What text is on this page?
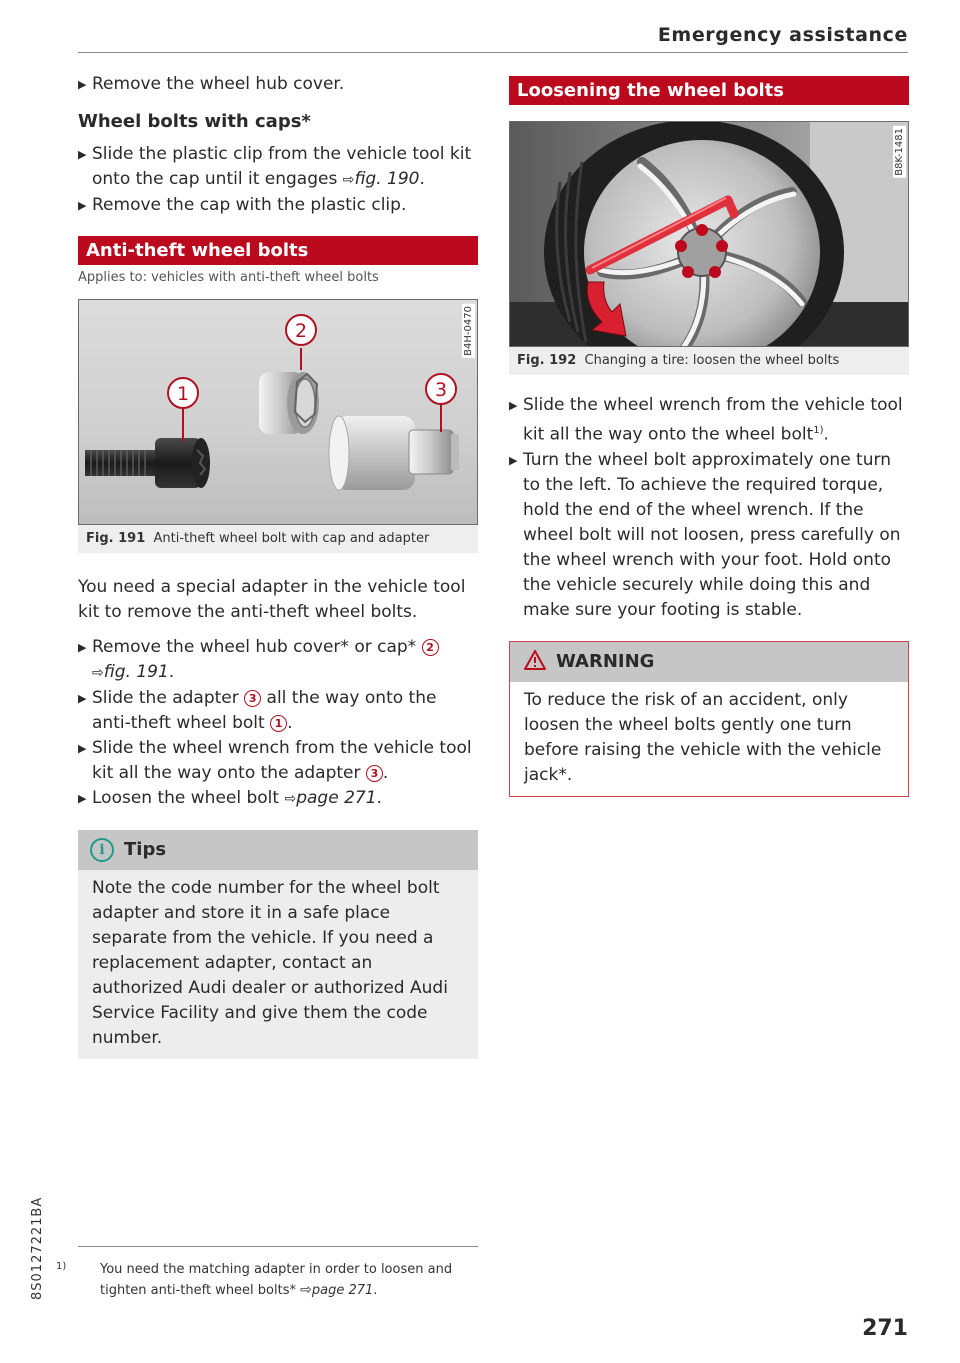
Emergency assistance

▶ Remove the wheel hub cover.

Wheel bolts with caps*

▶ Slide the plastic clip from the vehicle tool kit onto the cap until it engages ⇨fig. 190.

▶ Remove the cap with the plastic clip.

Anti-theft wheel bolts
Applies to: vehicles with anti-theft wheel bolts
1
2
3
B4H-0470
Fig. 191 Anti-theft wheel bolt with cap and adapter

You need a special adapter in the vehicle tool kit to remove the anti-theft wheel bolts.

▶ Remove the wheel hub cover* or cap* 2
⇨fig. 191.

▶ Slide the adapter 3 all the way onto the anti-theft wheel bolt 1 .

▶ Slide the wheel wrench from the vehicle tool kit all the way onto the adapter 3 .

▶ Loosen the wheel bolt ⇨page 271.

i Tips
Note the code number for the wheel bolt adapter and store it in a safe place separate from the vehicle. If you need a replacement adapter, contact an authorized Audi dealer or authorized Audi Service Facility and give them the code number.
Loosening the wheel bolts
B8K-1481
Fig. 192 Changing a tire: loosen the wheel bolts

▶ Slide the wheel wrench from the vehicle tool kit all the way onto the wheel bolt$^{1)}$.

▶ Turn the wheel bolt approximately one turn to the left. To achieve the required torque, hold the end of the wheel wrench. If the wheel bolt will not loosen, press carefully on the wheel wrench with your foot. Hold onto the vehicle securely while doing this and make sure your footing is stable.

WARNING
To reduce the risk of an accident, only loosen the wheel bolts gently one turn before raising the vehicle with the vehicle jack*.
1)	You need the matching adapter in order to loosen and tighten anti-theft wheel bolts* ⇨page 271.
8S0127221BA
271
